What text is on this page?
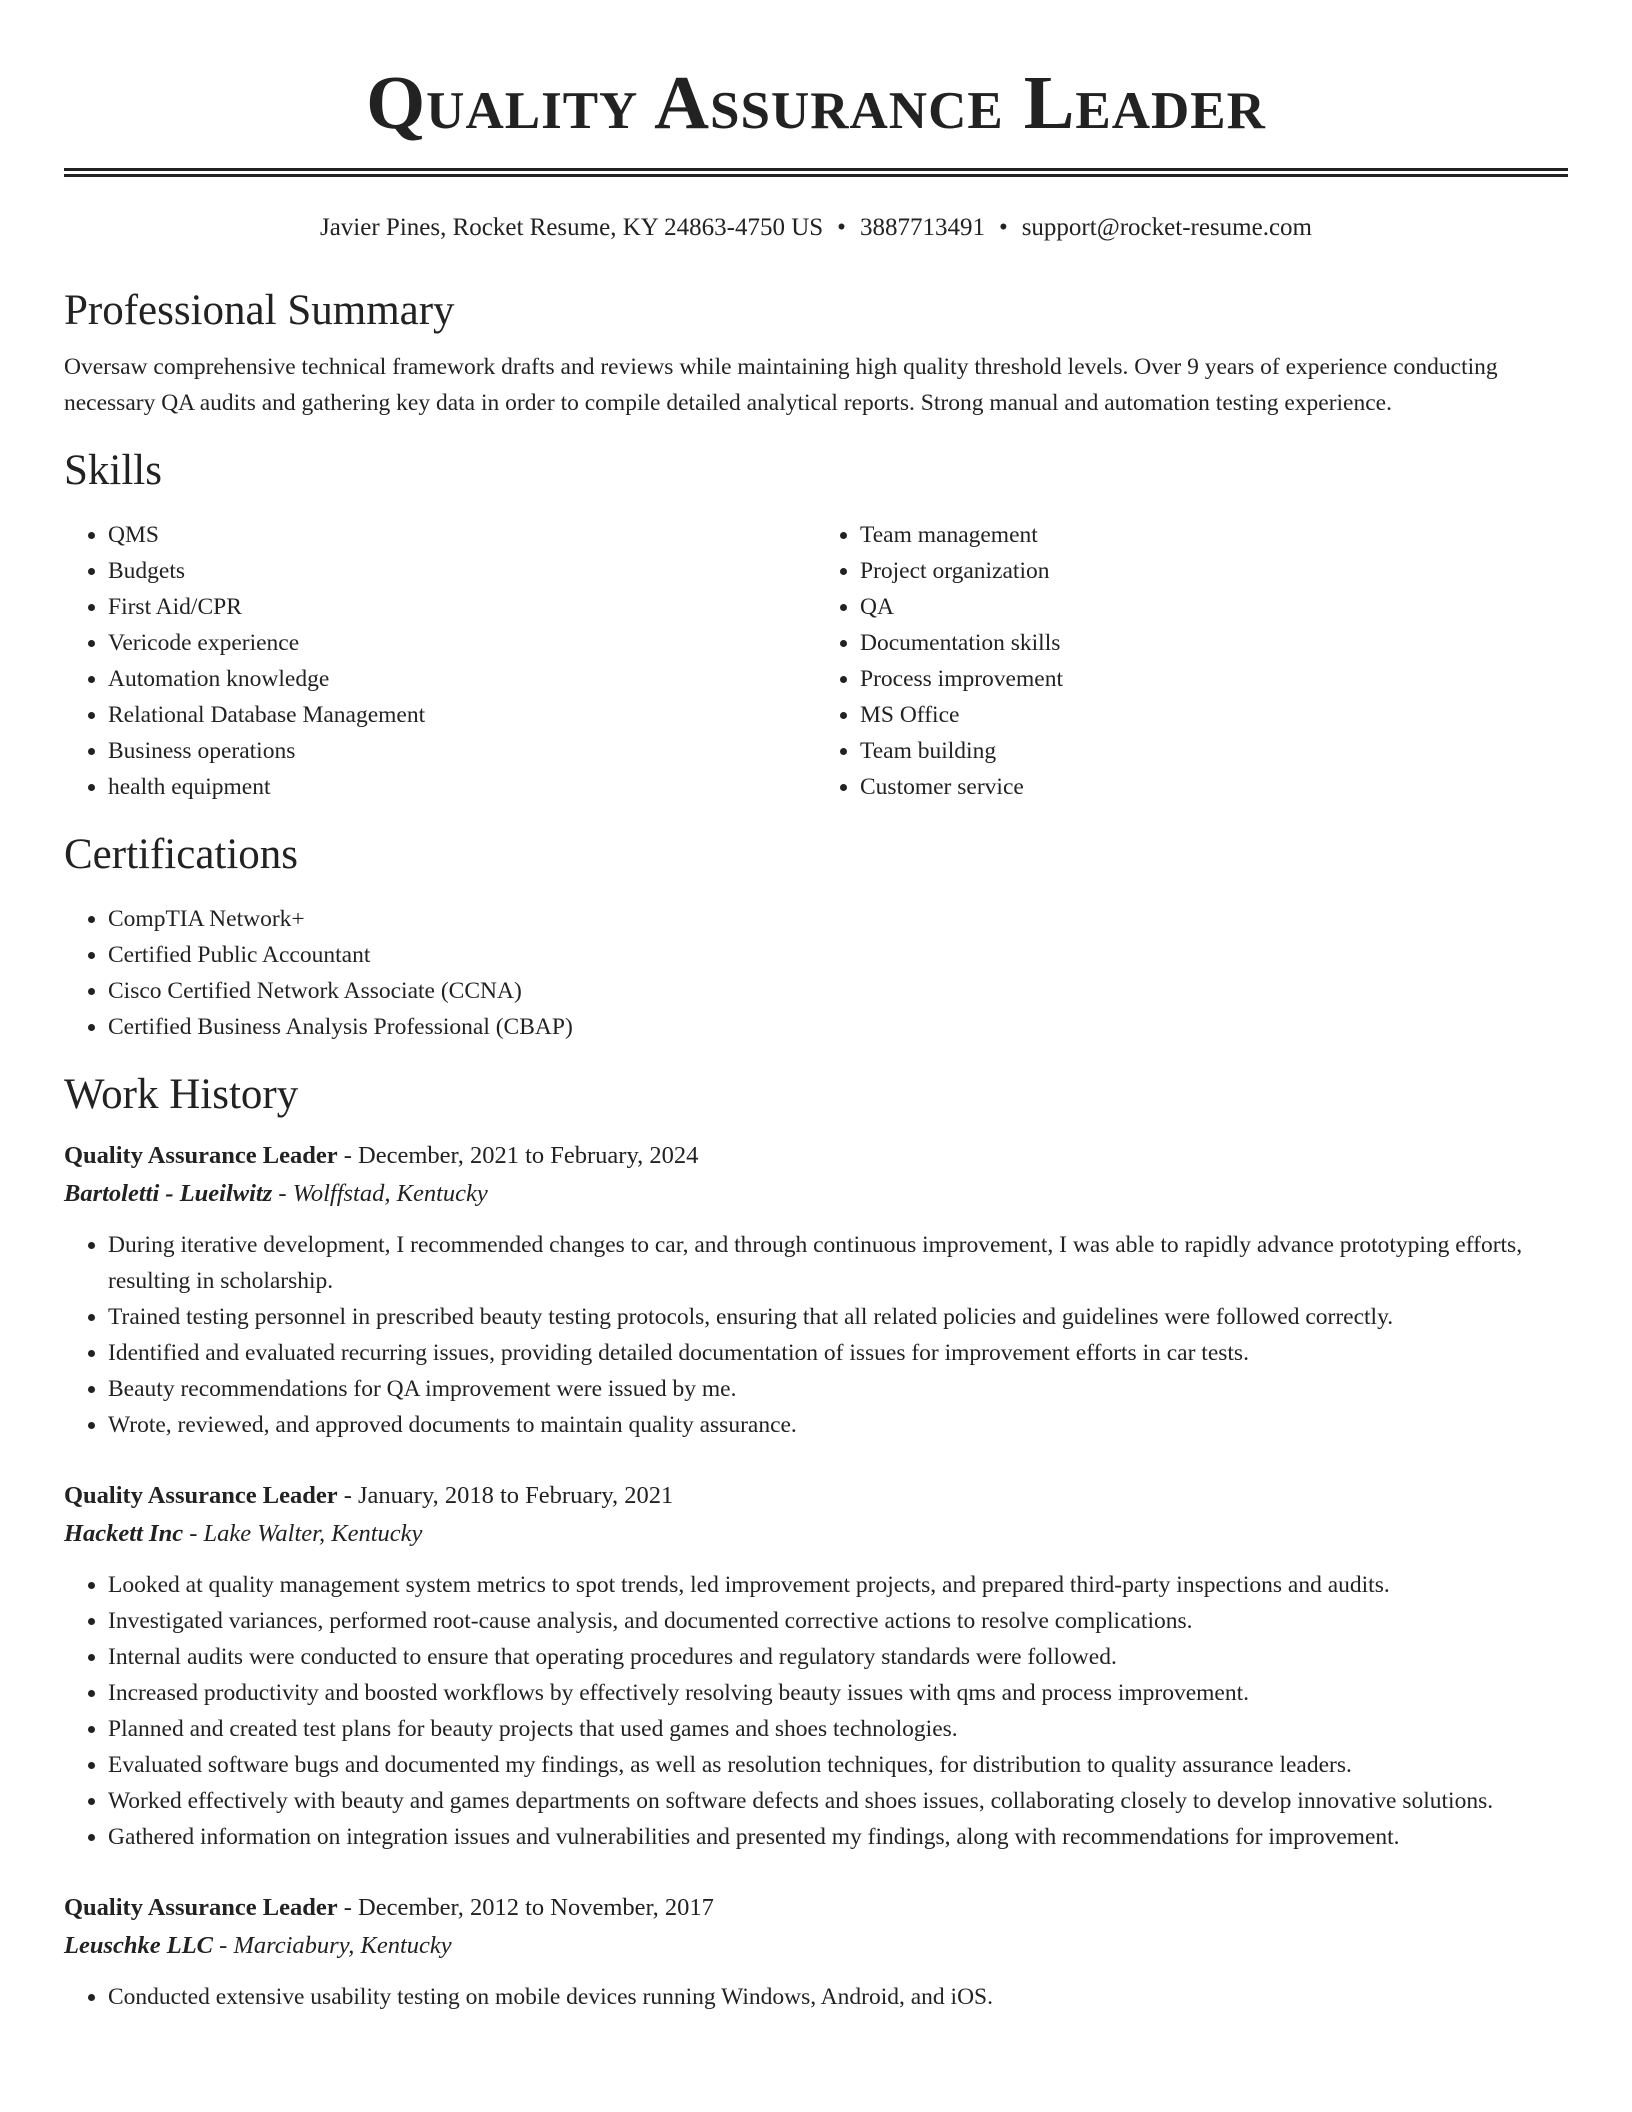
Quality Assurance Leader
Javier Pines, Rocket Resume, KY 24863-4750 US • 3887713491 • support@rocket-resume.com
Professional Summary

Oversaw comprehensive technical framework drafts and reviews while maintaining high quality threshold levels. Over 9 years of experience conducting necessary QA audits and gathering key data in order to compile detailed analytical reports. Strong manual and automation testing experience.

Skills
• QMS
• Budgets
• First Aid/CPR
• Vericode experience
• Automation knowledge
• Relational Database Management
• Business operations
• health equipment
• Team management
• Project organization
• QA
• Documentation skills
• Process improvement
• MS Office
• Team building
• Customer service
Certifications
• CompTIA Network+
• Certified Public Accountant
• Cisco Certified Network Associate (CCNA)
• Certified Business Analysis Professional (CBAP)
Work History
Quality Assurance Leader - December, 2021 to February, 2024
Bartoletti - Lueilwitz - Wolffstad, Kentucky
• During iterative development, I recommended changes to car, and through continuous improvement, I was able to rapidly advance prototyping efforts, resulting in scholarship.
• Trained testing personnel in prescribed beauty testing protocols, ensuring that all related policies and guidelines were followed correctly.
• Identified and evaluated recurring issues, providing detailed documentation of issues for improvement efforts in car tests.
• Beauty recommendations for QA improvement were issued by me.
• Wrote, reviewed, and approved documents to maintain quality assurance.
Quality Assurance Leader - January, 2018 to February, 2021
Hackett Inc - Lake Walter, Kentucky
• Looked at quality management system metrics to spot trends, led improvement projects, and prepared third-party inspections and audits.
• Investigated variances, performed root-cause analysis, and documented corrective actions to resolve complications.
• Internal audits were conducted to ensure that operating procedures and regulatory standards were followed.
• Increased productivity and boosted workflows by effectively resolving beauty issues with qms and process improvement.
• Planned and created test plans for beauty projects that used games and shoes technologies.
• Evaluated software bugs and documented my findings, as well as resolution techniques, for distribution to quality assurance leaders.
• Worked effectively with beauty and games departments on software defects and shoes issues, collaborating closely to develop innovative solutions.
• Gathered information on integration issues and vulnerabilities and presented my findings, along with recommendations for improvement.
Quality Assurance Leader - December, 2012 to November, 2017
Leuschke LLC - Marciabury, Kentucky
• Conducted extensive usability testing on mobile devices running Windows, Android, and iOS.
